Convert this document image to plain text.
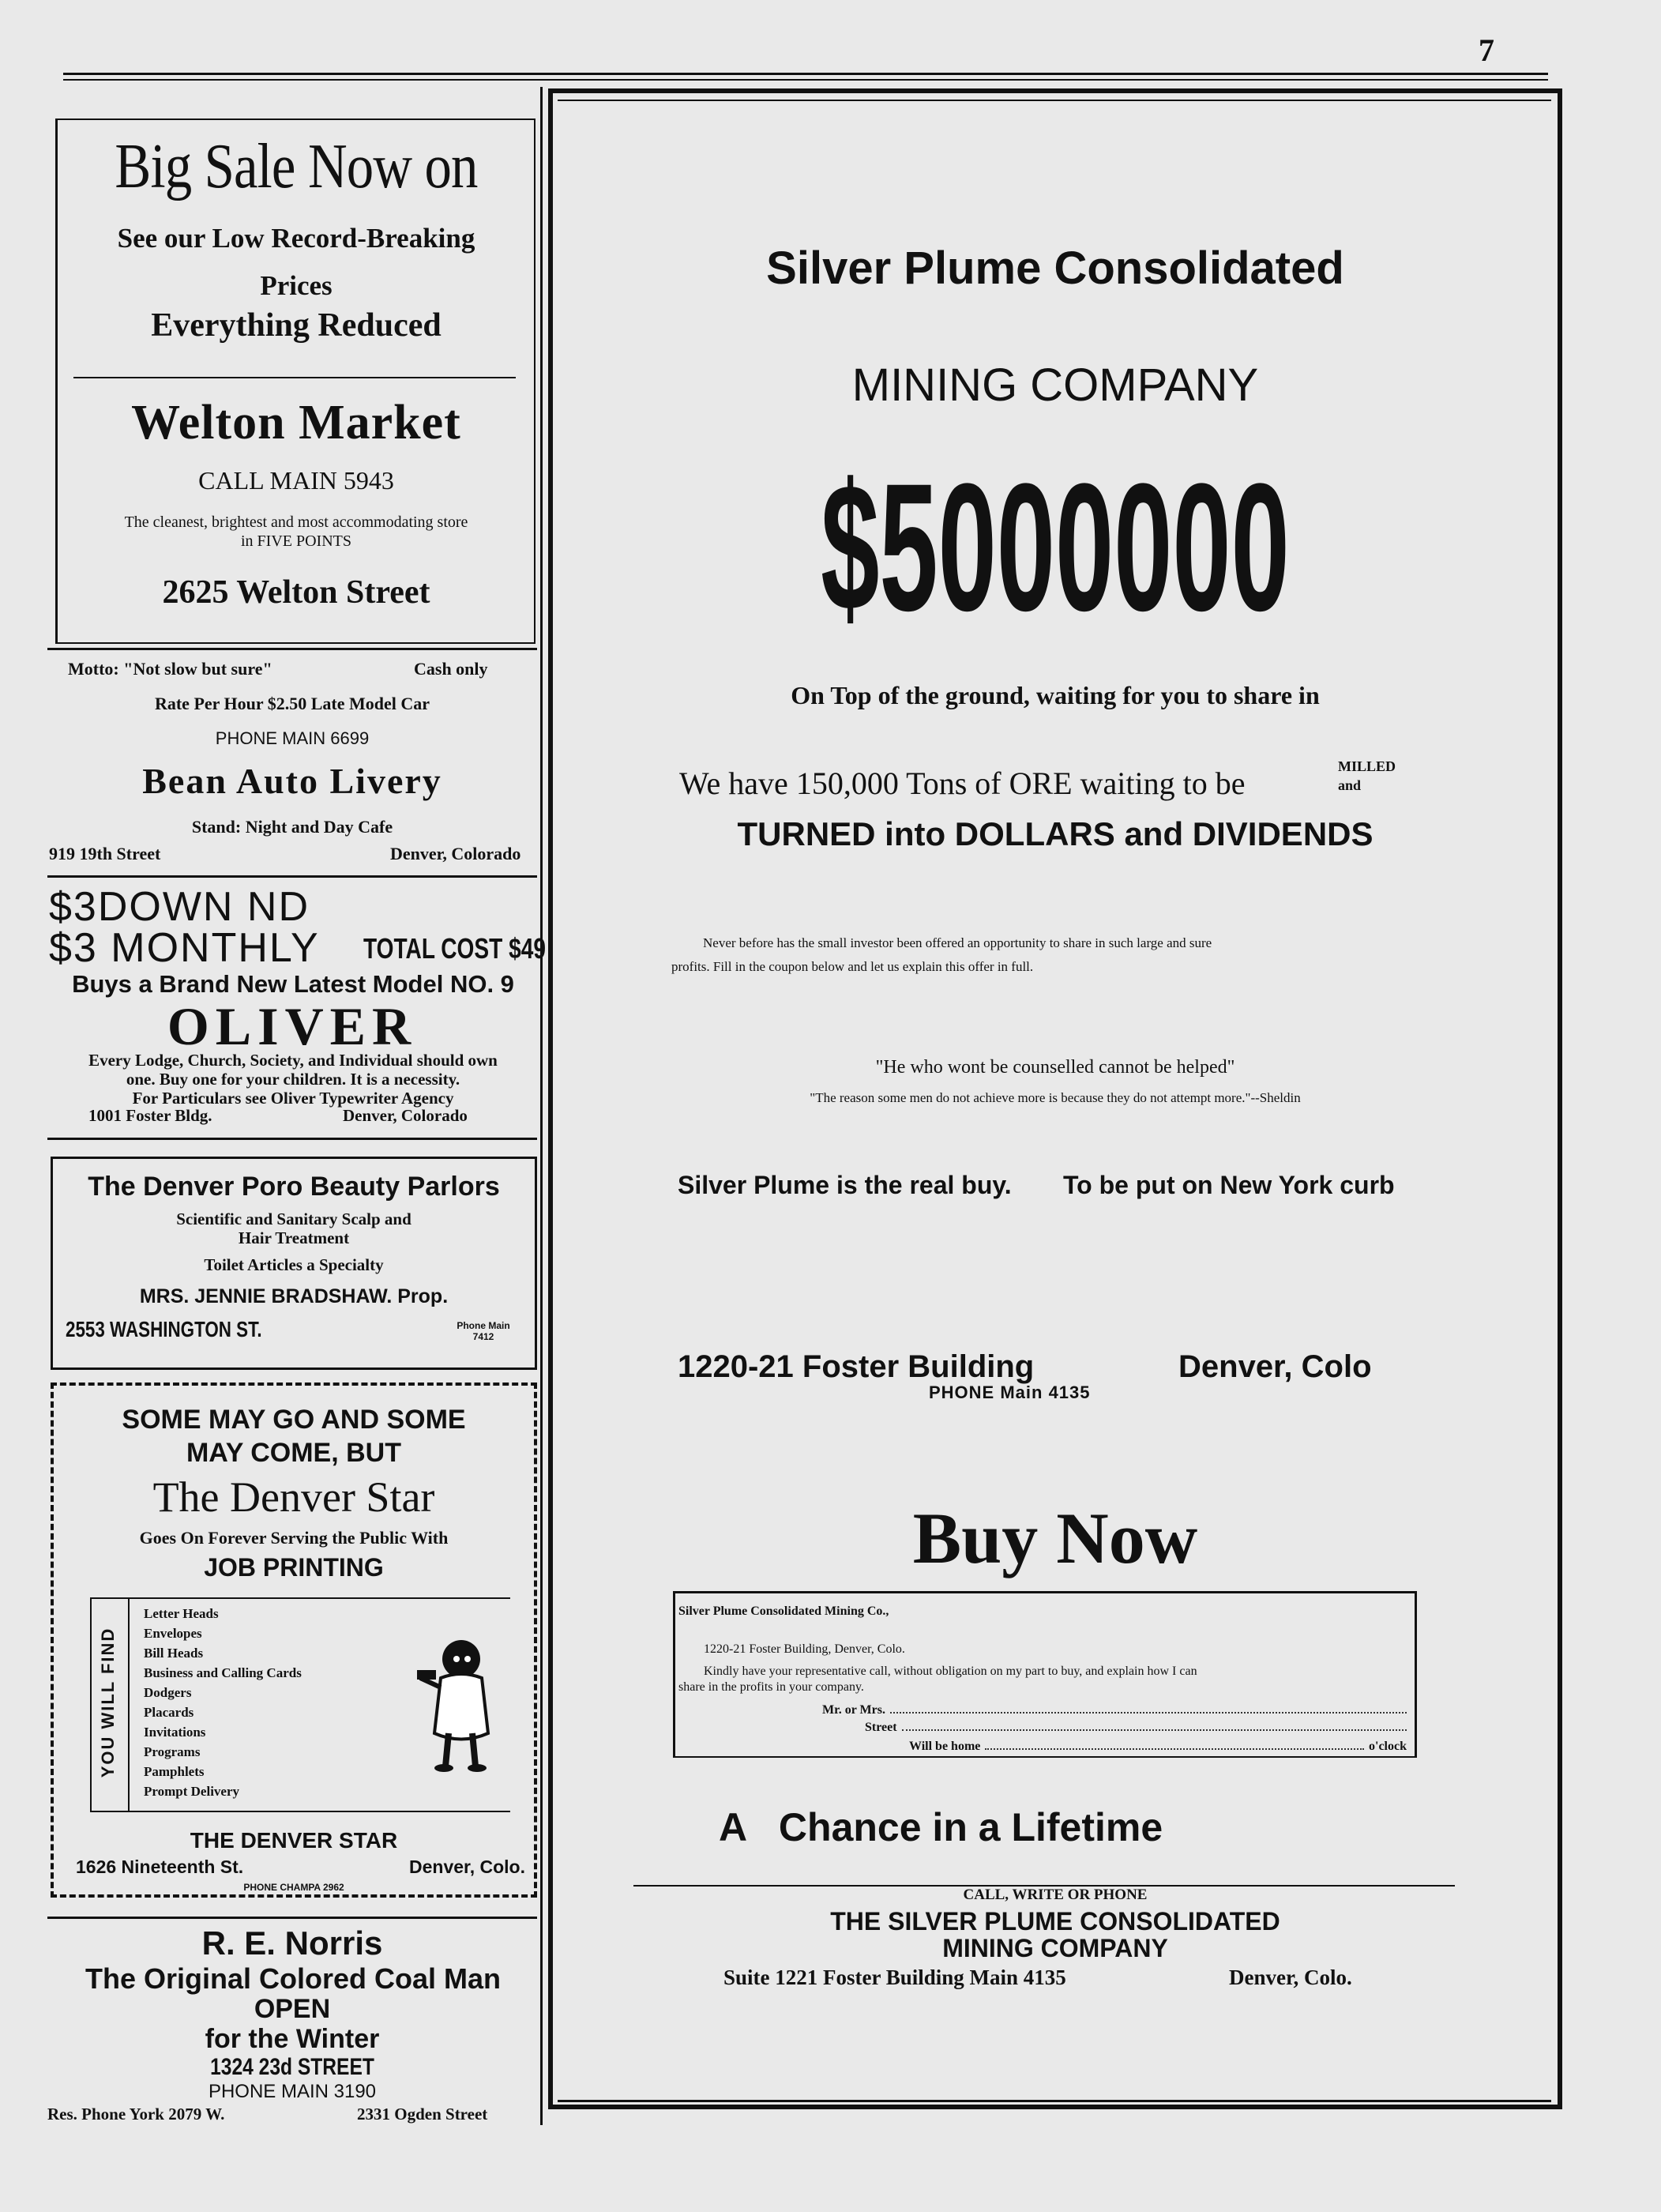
7
Big Sale Now on
See our Low Record-Breaking
Prices
Everything Reduced
Welton Market
CALL MAIN 5943
The cleanest, brightest and most accommodating store
in FIVE POINTS
2625 Welton Street
Motto: "Not slow but sure"	Cash only
Rate Per Hour $2.50 Late Model Car
PHONE MAIN 6699
Bean Auto Livery
Stand: Night and Day Cafe
919 19th Street	Denver, Colorado
$3DOWN ND
$3 MONTHLY TOTAL COST $49
Buys a Brand New Latest Model NO. 9
OLIVER
Every Lodge, Church, Society, and Individual should own
one. Buy one for your children. It is a necessity.
For Particulars see Oliver Typewriter Agency
1001 Foster Bldg.	Denver, Colorado
The Denver Poro Beauty Parlors
Scientific and Sanitary Scalp and
Hair Treatment
Toilet Articles a Specialty
MRS. JENNIE BRADSHAW. Prop.
2553 WASHINGTON ST.	Phone Main
7412
SOME MAY GO AND SOME
MAY COME, BUT
The Denver Star
Goes On Forever Serving the Public With
JOB PRINTING
YOU WILL FIND
Letter Heads
Envelopes
Bill Heads
Business and Calling Cards
Dodgers
Placards
Invitations
Programs
Pamphlets
Prompt Delivery
THE DENVER STAR
1626 Nineteenth St.	Denver, Colo.
PHONE CHAMPA 2962
R. E. Norris
The Original Colored Coal Man
OPEN
for the Winter
1324 23d STREET
PHONE MAIN 3190
Res. Phone York 2079 W.	2331 Ogden Street
Silver Plume Consolidated
MINING COMPANY
$5000000
On Top of the ground, waiting for you to share in
We have 150,000 Tons of ORE waiting to be	MILLED
and
TURNED into DOLLARS and DIVIDENDS
Never before has the small investor been offered an opportunity to share in such large and sure
profits. Fill in the coupon below and let us explain this offer in full.
"He who wont be counselled cannot be helped"
"The reason some men do not achieve more is because they do not attempt more."--Sheldin
Silver Plume is the real buy. To be put on New York curb
1220-21 Foster Building	Denver, Colo
PHONE Main 4135
Buy Now
Silver Plume Consolidated Mining Co.,
1220-21 Foster Building, Denver, Colo.
Kindly have your representative call, without obligation on my part to buy, and explain how I can
share in the profits in your company.
Mr. or Mrs.
Street
Will be home	o'clock
A   Chance in a Lifetime
CALL, WRITE OR PHONE
THE SILVER PLUME CONSOLIDATED
MINING COMPANY
Suite 1221 Foster Building Main 4135	Denver, Colo.
